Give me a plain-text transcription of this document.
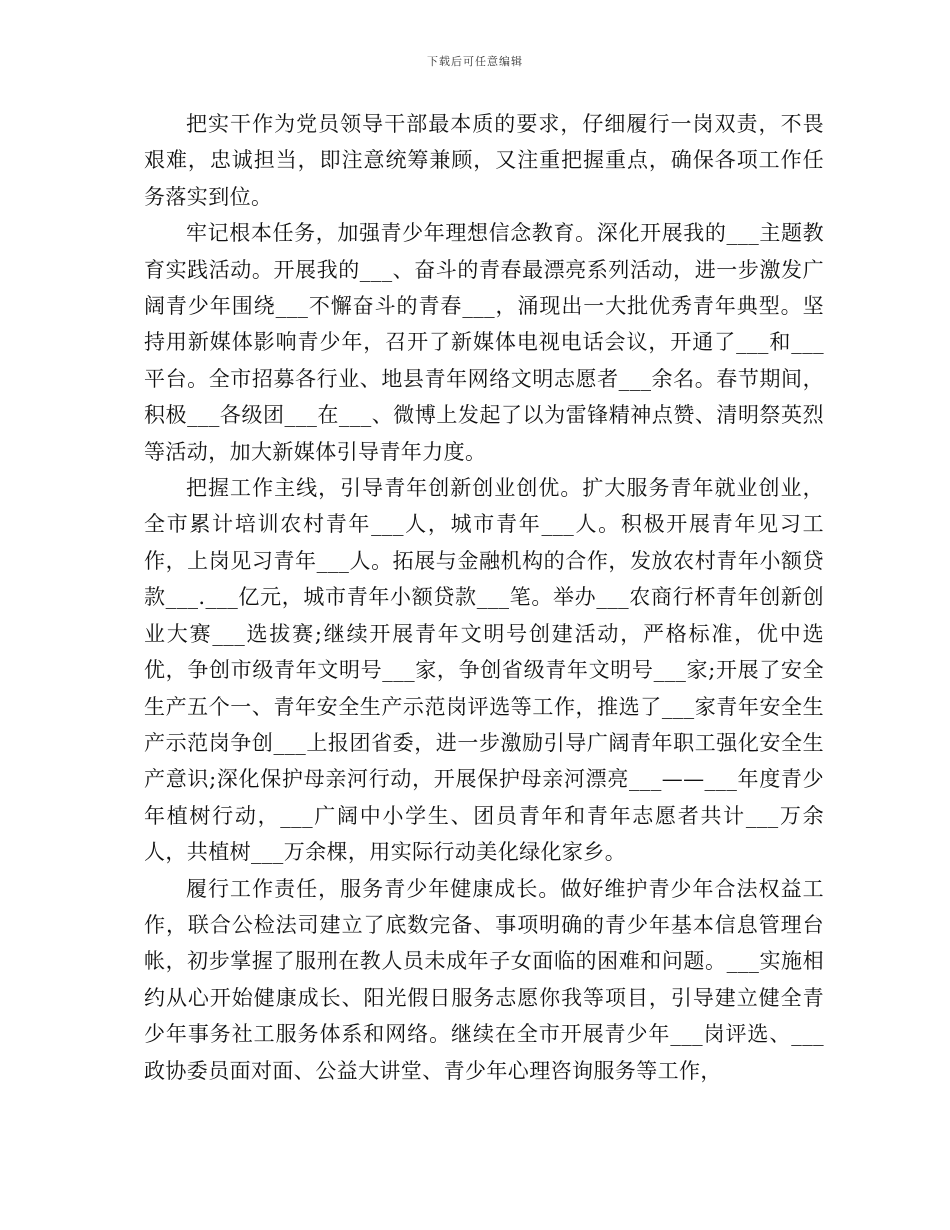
下载后可任意编辑

把实干作为党员领导干部最本质的要求，仔细履行一岗双责，不畏艰难，忠诚担当，即注意统筹兼顾，又注重把握重点，确保各项工作任务落实到位。

牢记根本任务，加强青少年理想信念教育。深化开展我的___主题教育实践活动。开展我的___、奋斗的青春最漂亮系列活动，进一步激发广阔青少年围绕___不懈奋斗的青春___，涌现出一大批优秀青年典型。坚持用新媒体影响青少年，召开了新媒体电视电话会议，开通了___和___平台。全市招募各行业、地县青年网络文明志愿者___余名。春节期间，积极___各级团___在___、微博上发起了以为雷锋精神点赞、清明祭英烈等活动，加大新媒体引导青年力度。

把握工作主线，引导青年创新创业创优。扩大服务青年就业创业，全市累计培训农村青年___人，城市青年___人。积极开展青年见习工作，上岗见习青年___人。拓展与金融机构的合作，发放农村青年小额贷款___.___亿元，城市青年小额贷款___笔。举办___农商行杯青年创新创业大赛___选拔赛;继续开展青年文明号创建活动，严格标准，优中选优，争创市级青年文明号___家，争创省级青年文明号___家;开展了安全生产五个一、青年安全生产示范岗评选等工作，推选了___家青年安全生产示范岗争创___上报团省委，进一步激励引导广阔青年职工强化安全生产意识;深化保护母亲河行动，开展保护母亲河漂亮___——___年度青少年植树行动，___广阔中小学生、团员青年和青年志愿者共计___万余人，共植树___万余棵，用实际行动美化绿化家乡。

履行工作责任，服务青少年健康成长。做好维护青少年合法权益工作，联合公检法司建立了底数完备、事项明确的青少年基本信息管理台帐，初步掌握了服刑在教人员未成年子女面临的困难和问题。___实施相约从心开始健康成长、阳光假日服务志愿你我等项目，引导建立健全青少年事务社工服务体系和网络。继续在全市开展青少年___岗评选、___政协委员面对面、公益大讲堂、青少年心理咨询服务等工作，
